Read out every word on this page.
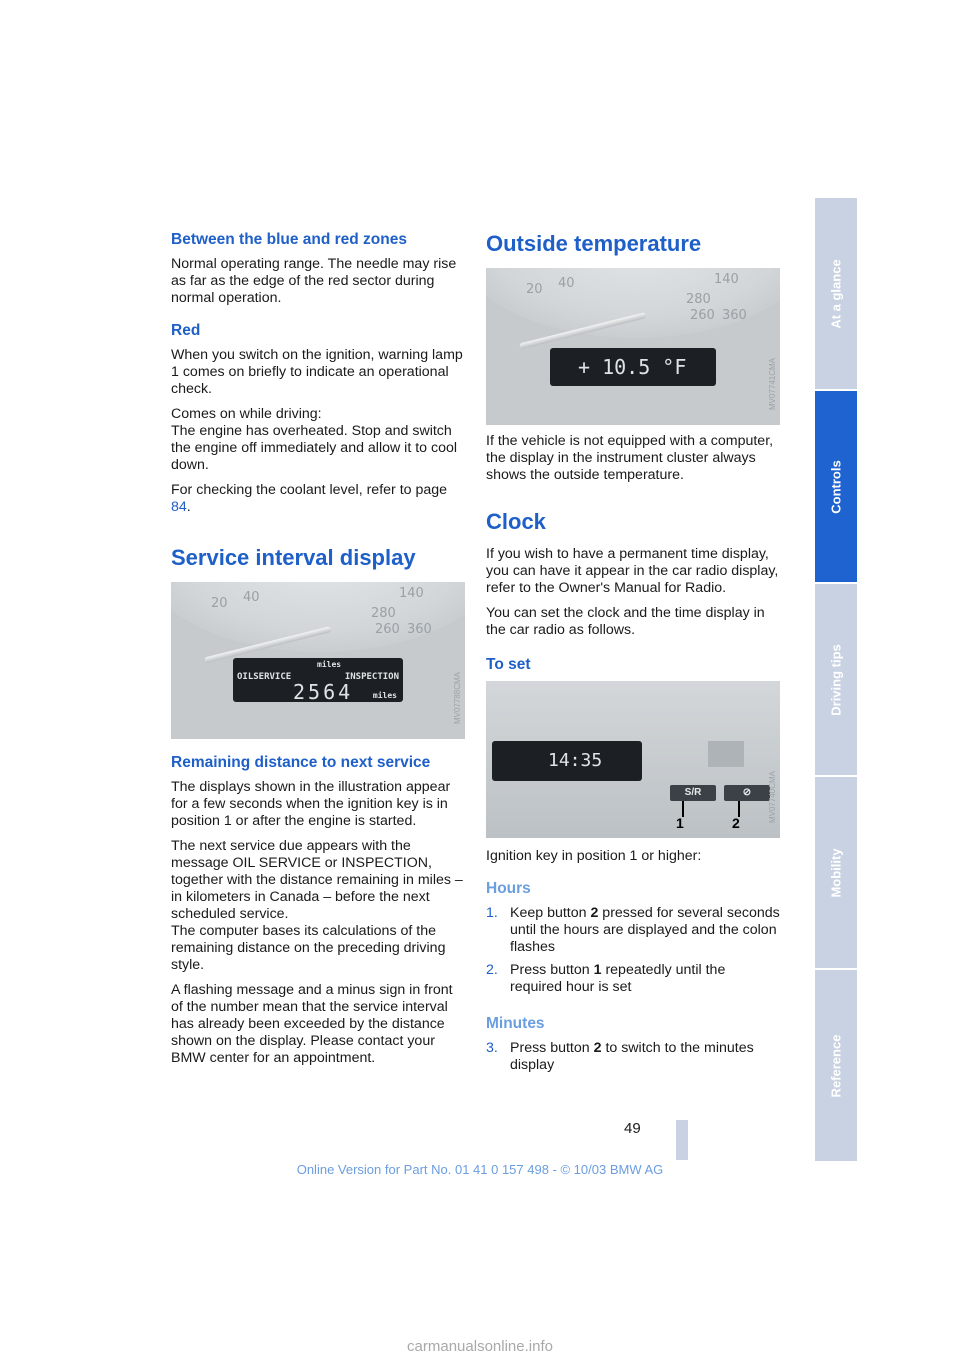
Between the blue and red zones

Normal operating range. The needle may rise as far as the edge of the red sector during normal operation.

Red

When you switch on the ignition, warning lamp 1 comes on briefly to indicate an operational check.

Comes on while driving:
The engine has overheated. Stop and switch the engine off immediately and allow it to cool down.

For checking the coolant level, refer to page 84.

Service interval display
20 40	140
280
260 360
OILSERVICE	INSPECTION
miles
2564 miles	MV07788CMA
Remaining distance to next service

The displays shown in the illustration appear for a few seconds when the ignition key is in position 1 or after the engine is started.

The next service due appears with the message OIL SERVICE or INSPECTION, together with the distance remaining in miles – in kilometers in Canada – before the next scheduled service.
The computer bases its calculations of the remaining distance on the preceding driving style.

A flashing message and a minus sign in front of the number mean that the service interval has already been exceeded by the distance shown on the display. Please contact your BMW center for an appointment.

Outside temperature
20 40	140
280
260 360
+ 10.5 °F	MV07741CMA

If the vehicle is not equipped with a computer, the display in the instrument cluster always shows the outside temperature.

Clock

If you wish to have a permanent time display, you can have it appear in the car radio display, refer to the Owner's Manual for Radio.

You can set the clock and the time display in the car radio as follows.

To set
14:35
S/R	⊘
1	2	MV07740CMA

Ignition key in position 1 or higher:

Hours
1. Keep button 2 pressed for several seconds until the hours are displayed and the colon flashes
2. Press button 1 repeatedly until the required hour is set
Minutes
3. Press button 2 to switch to the minutes display
At a glance
Controls
Driving tips
Mobility
Reference
49
Online Version for Part No. 01 41 0 157 498 - © 10/03 BMW AG
carmanualsonline.info
